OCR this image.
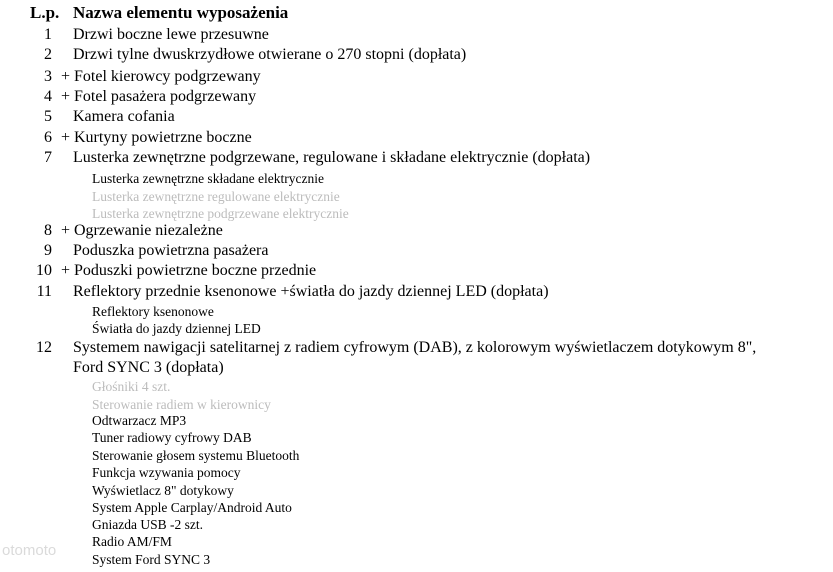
L.p. Nazwa elementu wyposażenia
1 Drzwi boczne lewe przesuwne
2 Drzwi tylne dwuskrzydłowe otwierane o 270 stopni (dopłata)
3 + Fotel kierowcy podgrzewany
4 + Fotel pasażera podgrzewany
5 Kamera cofania
6 + Kurtyny powietrzne boczne
7 Lusterka zewnętrzne podgrzewane, regulowane i składane elektrycznie (dopłata)
Lusterka zewnętrzne składane elektrycznie
Lusterka zewnętrzne regulowane elektrycznie
Lusterka zewnętrzne podgrzewane elektrycznie
8 + Ogrzewanie niezależne
9 Poduszka powietrzna pasażera
10 + Poduszki powietrzne boczne przednie
11 Reflektory przednie ksenonowe +światła do jazdy dziennej LED (dopłata)
Reflektory ksenonowe
Światła do jazdy dziennej LED
12 Systemem nawigacji satelitarnej z radiem cyfrowym (DAB), z kolorowym wyświetlaczem dotykowym 8",
Ford SYNC 3 (dopłata)
Głośniki 4 szt.
Sterowanie radiem w kierownicy
Odtwarzacz MP3
Tuner radiowy cyfrowy DAB
Sterowanie głosem systemu Bluetooth
Funkcja wzywania pomocy
Wyświetlacz 8" dotykowy
System Apple Carplay/Android Auto
Gniazda USB -2 szt.
Radio AM/FM
System Ford SYNC 3
otomoto
